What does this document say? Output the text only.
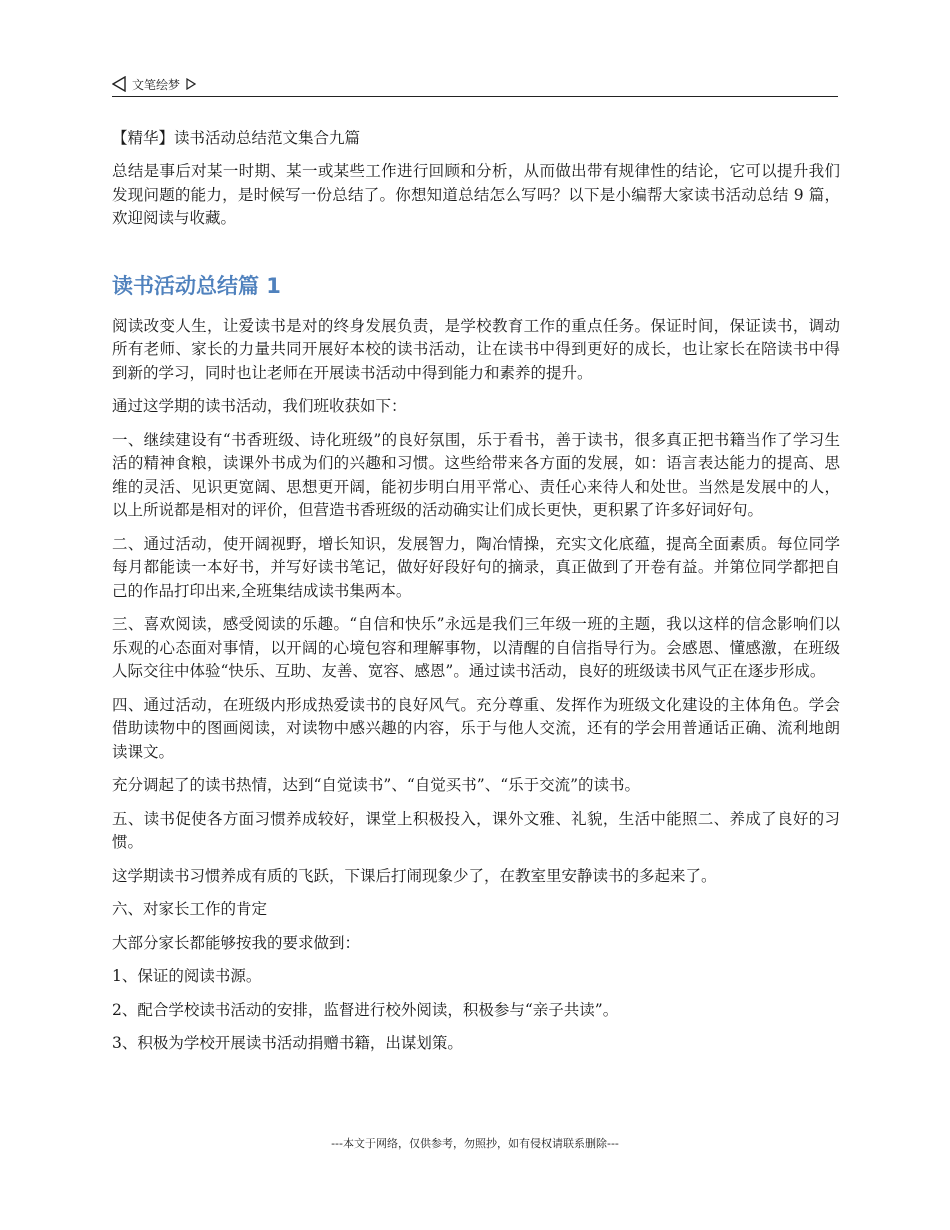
文笔绘梦
【精华】读书活动总结范文集合九篇

总结是事后对某一时期、某一或某些工作进行回顾和分析，从而做出带有规律性的结论，它可以提升我们发现问题的能力，是时候写一份总结了。你想知道总结怎么写吗？以下是小编帮大家读书活动总结 9 篇，欢迎阅读与收藏。

读书活动总结篇 1

阅读改变人生，让爱读书是对的终身发展负责，是学校教育工作的重点任务。保证时间，保证读书，调动所有老师、家长的力量共同开展好本校的读书活动，让在读书中得到更好的成长，也让家长在陪读书中得到新的学习，同时也让老师在开展读书活动中得到能力和素养的提升。

通过这学期的读书活动，我们班收获如下：

一、继续建设有“书香班级、诗化班级”的良好氛围，乐于看书，善于读书，很多真正把书籍当作了学习生活的精神食粮，读课外书成为们的兴趣和习惯。这些给带来各方面的发展，如：语言表达能力的提高、思维的灵活、见识更宽阔、思想更开阔，能初步明白用平常心、责任心来待人和处世。当然是发展中的人，以上所说都是相对的评价，但营造书香班级的活动确实让们成长更快，更积累了许多好词好句。

二、通过活动，使开阔视野，增长知识，发展智力，陶冶情操，充实文化底蕴，提高全面素质。每位同学每月都能读一本好书，并写好读书笔记，做好好段好句的摘录，真正做到了开卷有益。并第位同学都把自己的作品打印出来,全班集结成读书集两本。

三、喜欢阅读，感受阅读的乐趣。“自信和快乐”永远是我们三年级一班的主题，我以这样的信念影响们以乐观的心态面对事情，以开阔的心境包容和理解事物，以清醒的自信指导行为。会感恩、懂感激，在班级人际交往中体验“快乐、互助、友善、宽容、感恩”。通过读书活动，良好的班级读书风气正在逐步形成。

四、通过活动，在班级内形成热爱读书的良好风气。充分尊重、发挥作为班级文化建设的主体角色。学会借助读物中的图画阅读，对读物中感兴趣的内容，乐于与他人交流，还有的学会用普通话正确、流利地朗读课文。

充分调起了的读书热情，达到“自觉读书”、“自觉买书”、“乐于交流”的读书。

五、读书促使各方面习惯养成较好，课堂上积极投入，课外文雅、礼貌，生活中能照二、养成了良好的习惯。

这学期读书习惯养成有质的飞跃，下课后打闹现象少了，在教室里安静读书的多起来了。

六、对家长工作的肯定

大部分家长都能够按我的要求做到：

1、保证的阅读书源。

2、配合学校读书活动的安排，监督进行校外阅读，积极参与“亲子共读”。

3、积极为学校开展读书活动捐赠书籍，出谋划策。

---本文于网络，仅供参考，勿照抄，如有侵权请联系删除---
